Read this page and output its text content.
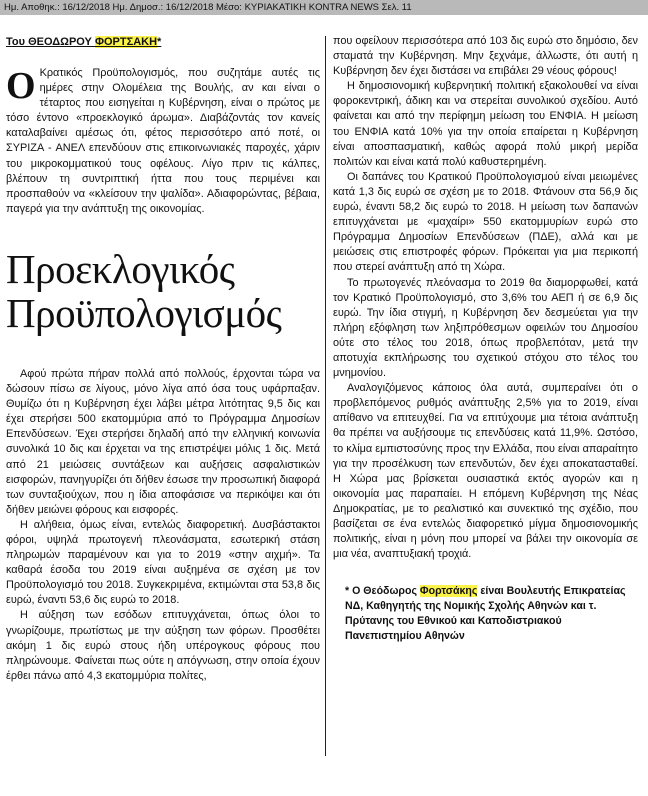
Ημ. Αποθηκ.: 16/12/2018 Ημ. Δημοσ.: 16/12/2018 Μέσο: ΚΥΡΙΑΚΑΤΙΚΗ KONTRA NEWS Σελ. 11
Του ΘΕΟΔΩΡΟΥ ΦΟΡΤΣΑΚΗ*

Ο Κρατικός Προϋπολογισμός, που συζητάμε αυτές τις ημέρες στην Ολομέλεια της Βουλής, αν και είναι ο τέταρτος που εισηγείται η Κυβέρνηση, είναι ο πρώτος με τόσο έντονο «προεκλογικό άρωμα». Διαβάζοντάς τον κανείς καταλαβαίνει αμέσως ότι, φέτος περισσότερο από ποτέ, οι ΣΥΡΙΖΑ - ΑΝΕΛ επενδύουν στις επικοινωνιακές παροχές, χάριν του μικροκομματικού τους οφέλους. Λίγο πριν τις κάλπες, βλέπουν τη συντριπτική ήττα που τους περιμένει και προσπαθούν να «κλείσουν την ψαλίδα». Αδιαφορώντας, βέβαια, παγερά για την ανάπτυξη της οικονομίας.

Προεκλογικός Προϋπολογισμός

Αφού πρώτα πήραν πολλά από πολλούς, έρχονται τώρα να δώσουν πίσω σε λίγους, μόνο λίγα από όσα τους υφάρπαξαν. Θυμίζω ότι η Κυβέρνηση έχει λάβει μέτρα λιτότητας 9,5 δις και έχει στερήσει 500 εκατομμύρια από το Πρόγραμμα Δημοσίων Επενδύσεων. Έχει στερήσει δηλαδή από την ελληνική κοινωνία συνολικά 10 δις και έρχεται να της επιστρέψει μόλις 1 δις. Μετά από 21 μειώσεις συντάξεων και αυξήσεις ασφαλιστικών εισφορών, πανηγυρίζει ότι δήθεν έσωσε την προσωπική διαφορά των συνταξιούχων, που η ίδια αποφάσισε να περικόψει και ότι δήθεν μειώνει φόρους και εισφορές.

Η αλήθεια, όμως είναι, εντελώς διαφορετική. Δυσβάστακτοι φόροι, υψηλά πρωτογενή πλεονάσματα, εσωτερική στάση πληρωμών παραμένουν και για το 2019 «στην αιχμή». Τα καθαρά έσοδα του 2019 είναι αυξημένα σε σχέση με τον Προϋπολογισμό του 2018. Συγκεκριμένα, εκτιμώνται στα 53,8 δις ευρώ, έναντι 53,6 δις ευρώ το 2018.

Η αύξηση των εσόδων επιτυγχάνεται, όπως όλοι το γνωρίζουμε, πρωτίστως με την αύξηση των φόρων. Προσθέτει ακόμη 1 δις ευρώ στους ήδη υπέρογκους φόρους που πληρώνουμε. Φαίνεται πως ούτε η απόγνωση, στην οποία έχουν έρθει πάνω από 4,3 εκατομμύρια πολίτες,

που οφείλουν περισσότερα από 103 δις ευρώ στο δημόσιο, δεν σταματά την Κυβέρνηση. Μην ξεχνάμε, άλλωστε, ότι αυτή η Κυβέρνηση δεν έχει διστάσει να επιβάλει 29 νέους φόρους!

Η δημοσιονομική κυβερνητική πολιτική εξακολουθεί να είναι φοροκεντρική, άδικη και να στερείται συνολικού σχεδίου. Αυτό φαίνεται και από την περίφημη μείωση του ΕΝΦΙΑ. Η μείωση του ΕΝΦΙΑ κατά 10% για την οποία επαίρεται η Κυβέρνηση είναι αποσπασματική, καθώς αφορά πολύ μικρή μερίδα πολιτών και είναι κατά πολύ καθυστερημένη.

Οι δαπάνες του Κρατικού Προϋπολογισμού είναι μειωμένες κατά 1,3 δις ευρώ σε σχέση με το 2018. Φτάνουν στα 56,9 δις ευρώ, έναντι 58,2 δις ευρώ το 2018. Η μείωση των δαπανών επιτυγχάνεται με «μαχαίρι» 550 εκατομμυρίων ευρώ στο Πρόγραμμα Δημοσίων Επενδύσεων (ΠΔΕ), αλλά και με μειώσεις στις επιστροφές φόρων. Πρόκειται για μια περικοπή που στερεί ανάπτυξη από τη Χώρα.

Το πρωτογενές πλεόνασμα το 2019 θα διαμορφωθεί, κατά τον Κρατικό Προϋπολογισμό, στο 3,6% του ΑΕΠ ή σε 6,9 δις ευρώ. Την ίδια στιγμή, η Κυβέρνηση δεν δεσμεύεται για την πλήρη εξόφληση των ληξιπρόθεσμων οφειλών του Δημοσίου ούτε στο τέλος του 2018, όπως προβλεπόταν, μετά την αποτυχία εκπλήρωσης του σχετικού στόχου στο τέλος του μνημονίου.

Αναλογιζόμενος κάποιος όλα αυτά, συμπεραίνει ότι ο προβλεπόμενος ρυθμός ανάπτυξης 2,5% για το 2019, είναι απίθανο να επιτευχθεί. Για να επιτύχουμε μια τέτοια ανάπτυξη θα πρέπει να αυξήσουμε τις επενδύσεις κατά 11,9%. Ωστόσο, το κλίμα εμπιστοσύνης προς την Ελλάδα, που είναι απαραίτητο για την προσέλκυση των επενδυτών, δεν έχει αποκατασταθεί. Η Χώρα μας βρίσκεται ουσιαστικά εκτός αγορών και η οικονομία μας παραπαίει. Η επόμενη Κυβέρνηση της Νέας Δημοκρατίας, με το ρεαλιστικό και συνεκτικό της σχέδιο, που βασίζεται σε ένα εντελώς διαφορετικό μίγμα δημοσιονομικής πολιτικής, είναι η μόνη που μπορεί να βάλει την οικονομία σε μια νέα, αναπτυξιακή τροχιά.

* Ο Θεόδωρος Φορτσάκης είναι Βουλευτής Επικρατείας ΝΔ, Καθηγητής της Νομικής Σχολής Αθηνών και τ. Πρύτανης του Εθνικού και Καποδιστριακού Πανεπιστημίου Αθηνών
